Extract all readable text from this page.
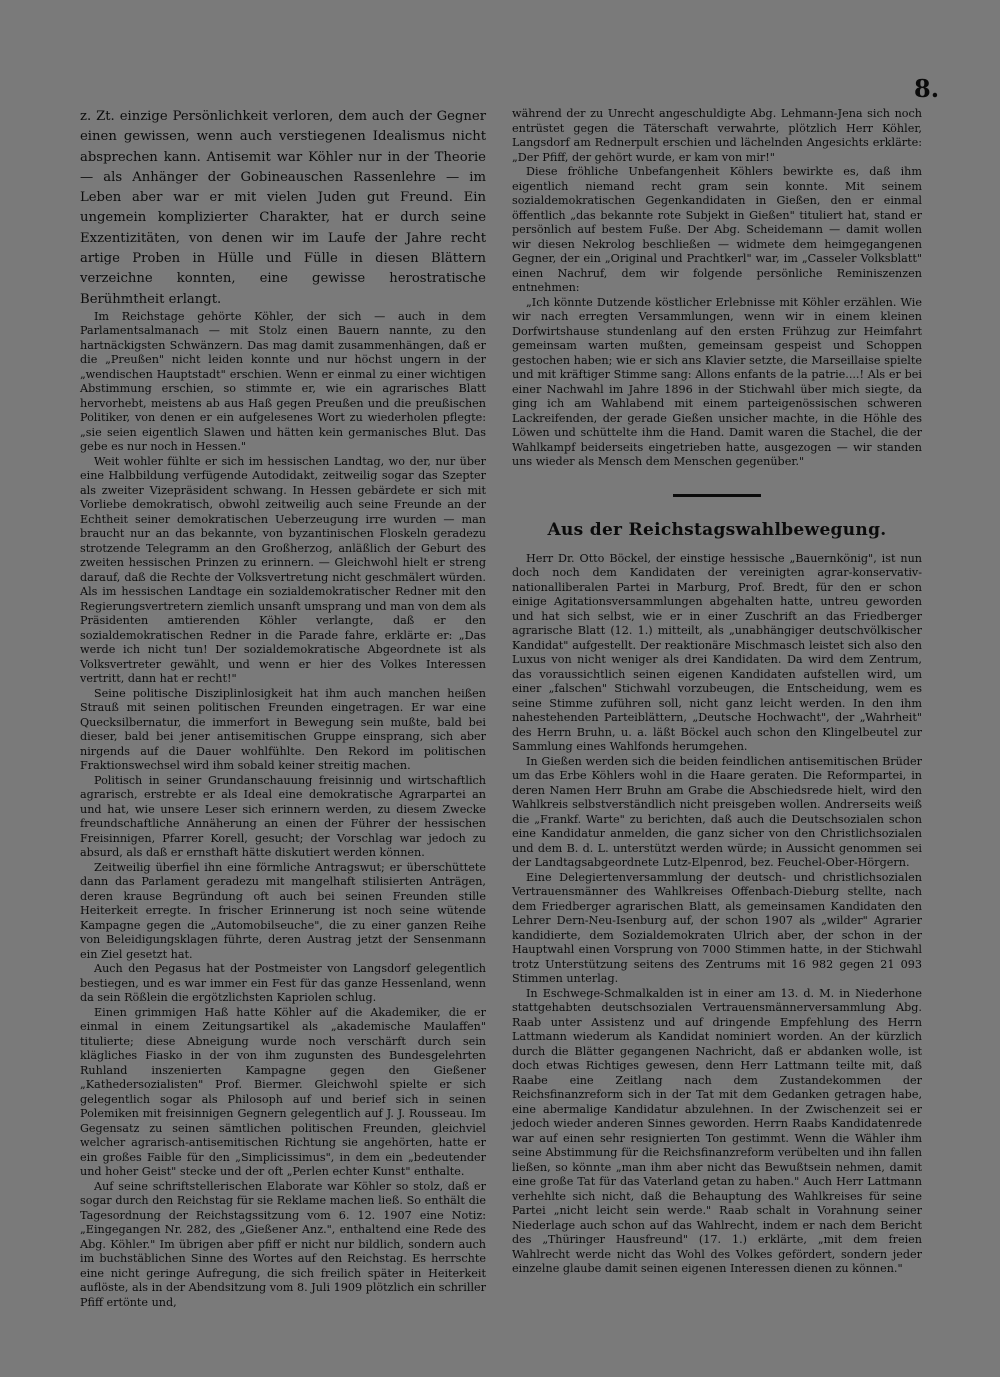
8.

z. Zt. einzige Persönlichkeit verloren, dem auch der Gegner einen gewissen, wenn auch verstiegenen Idealismus nicht absprechen kann. Antisemit war Köhler nur in der Theorie — als Anhänger der Gobineauschen Rassenlehre — im Leben aber war er mit vielen Juden gut Freund. Ein ungemein komplizierter Charakter, hat er durch seine Exzentizitäten, von denen wir im Laufe der Jahre recht artige Proben in Hülle und Fülle in diesen Blättern verzeichne konnten, eine gewisse herostratische Berühmtheit erlangt.

Im Reichstage gehörte Köhler, der sich — auch in dem Parlamentsalmanach — mit Stolz einen Bauern nannte, zu den hartnäckigsten Schwänzern. Das mag damit zusammenhängen, daß er die „Preußen" nicht leiden konnte und nur höchst ungern in der „wendischen Hauptstadt" erschien. Wenn er einmal zu einer wichtigen Abstimmung erschien, so stimmte er, wie ein agrarisches Blatt hervorhebt, meistens ab aus Haß gegen Preußen und die preußischen Politiker, von denen er ein aufgelesenes Wort zu wiederholen pflegte: „sie seien eigentlich Slawen und hätten kein germanisches Blut. Das gebe es nur noch in Hessen."

Weit wohler fühlte er sich im hessischen Landtag, wo der, nur über eine Halbbildung verfügende Autodidakt, zeitweilig sogar das Szepter als zweiter Vizepräsident schwang. In Hessen gebärdete er sich mit Vorliebe demokratisch, obwohl zeitweilig auch seine Freunde an der Echtheit seiner demokratischen Ueberzeugung irre wurden — man braucht nur an das bekannte, von byzantinischen Floskeln geradezu strotzende Telegramm an den Großherzog, anläßlich der Geburt des zweiten hessischen Prinzen zu erinnern. — Gleichwohl hielt er streng darauf, daß die Rechte der Volksvertretung nicht geschmälert würden. Als im hessischen Landtage ein sozialdemokratischer Redner mit den Regierungsvertretern ziemlich unsanft umsprang und man von dem als Präsidenten amtierenden Köhler verlangte, daß er den sozialdemokratischen Redner in die Parade fahre, erklärte er: „Das werde ich nicht tun! Der sozialdemokratische Abgeordnete ist als Volksvertreter gewählt, und wenn er hier des Volkes Interessen vertritt, dann hat er recht!"

Seine politische Disziplinlosigkeit hat ihm auch manchen heißen Strauß mit seinen politischen Freunden eingetragen. Er war eine Quecksilbernatur, die immerfort in Bewegung sein mußte, bald bei dieser, bald bei jener antisemitischen Gruppe einsprang, sich aber nirgends auf die Dauer wohlfühlte. Den Rekord im politischen Fraktionswechsel wird ihm sobald keiner streitig machen.

Politisch in seiner Grundanschauung freisinnig und wirtschaftlich agrarisch, erstrebte er als Ideal eine demokratische Agrarpartei an und hat, wie unsere Leser sich erinnern werden, zu diesem Zwecke freundschaftliche Annäherung an einen der Führer der hessischen Freisinnigen, Pfarrer Korell, gesucht; der Vorschlag war jedoch zu absurd, als daß er ernsthaft hätte diskutiert werden können.

Zeitweilig überfiel ihn eine förmliche Antragswut; er überschüttete dann das Parlament geradezu mit mangelhaft stilisierten Anträgen, deren krause Begründung oft auch bei seinen Freunden stille Heiterkeit erregte. In frischer Erinnerung ist noch seine wütende Kampagne gegen die „Automobilseuche", die zu einer ganzen Reihe von Beleidigungsklagen führte, deren Austrag jetzt der Sensenmann ein Ziel gesetzt hat.

Auch den Pegasus hat der Postmeister von Langsdorf gelegentlich bestiegen, und es war immer ein Fest für das ganze Hessenland, wenn da sein Rößlein die ergötzlichsten Kapriolen schlug.

Einen grimmigen Haß hatte Köhler auf die Akademiker, die er einmal in einem Zeitungsartikel als „akademische Maulaffen" titulierte; diese Abneigung wurde noch verschärft durch sein klägliches Fiasko in der von ihm zugunsten des Bundesgelehrten Ruhland inszenierten Kampagne gegen den Gießener „Kathedersozialisten" Prof. Biermer. Gleichwohl spielte er sich gelegentlich sogar als Philosoph auf und berief sich in seinen Polemiken mit freisinnigen Gegnern gelegentlich auf J. J. Rousseau. Im Gegensatz zu seinen sämtlichen politischen Freunden, gleichviel welcher agrarisch-antisemitischen Richtung sie angehörten, hatte er ein großes Faible für den „Simplicissimus", in dem ein „bedeutender und hoher Geist" stecke und der oft „Perlen echter Kunst" enthalte.

Auf seine schriftstellerischen Elaborate war Köhler so stolz, daß er sogar durch den Reichstag für sie Reklame machen ließ. So enthält die Tagesordnung der Reichstagssitzung vom 6. 12. 1907 eine Notiz: „Eingegangen Nr. 282, des „Gießener Anz.", enthaltend eine Rede des Abg. Köhler." Im übrigen aber pfiff er nicht nur bildlich, sondern auch im buchstäblichen Sinne des Wortes auf den Reichstag. Es herrschte eine nicht geringe Aufregung, die sich freilich später in Heiterkeit auflöste, als in der Abendsitzung vom 8. Juli 1909 plötzlich ein schriller Pfiff ertönte und,

während der zu Unrecht angeschuldigte Abg. Lehmann-Jena sich noch entrüstet gegen die Täterschaft verwahrte, plötzlich Herr Köhler, Langsdorf am Rednerpult erschien und lächelnden Angesichts erklärte: „Der Pfiff, der gehört wurde, er kam von mir!"

Diese fröhliche Unbefangenheit Köhlers bewirkte es, daß ihm eigentlich niemand recht gram sein konnte. Mit seinem sozialdemokratischen Gegenkandidaten in Gießen, den er einmal öffentlich „das bekannte rote Subjekt in Gießen" tituliert hat, stand er persönlich auf bestem Fuße. Der Abg. Scheidemann — damit wollen wir diesen Nekrolog beschließen — widmete dem heimgegangenen Gegner, der ein „Original und Prachtkerl" war, im „Casseler Volksblatt" einen Nachruf, dem wir folgende persönliche Reminiszenzen entnehmen:

„Ich könnte Dutzende köstlicher Erlebnisse mit Köhler erzählen. Wie wir nach erregten Versammlungen, wenn wir in einem kleinen Dorfwirtshause stundenlang auf den ersten Frühzug zur Heimfahrt gemeinsam warten mußten, gemeinsam gespeist und Schoppen gestochen haben; wie er sich ans Klavier setzte, die Marseillaise spielte und mit kräftiger Stimme sang: Allons enfants de la patrie....! Als er bei einer Nachwahl im Jahre 1896 in der Stichwahl über mich siegte, da ging ich am Wahlabend mit einem parteigenössischen schweren Lackreifenden, der gerade Gießen unsicher machte, in die Höhle des Löwen und schüttelte ihm die Hand. Damit waren die Stachel, die der Wahlkampf beiderseits eingetrieben hatte, ausgezogen — wir standen uns wieder als Mensch dem Menschen gegenüber."

Aus der Reichstagswahlbewegung.

Herr Dr. Otto Böckel, der einstige hessische „Bauernkönig", ist nun doch noch dem Kandidaten der vereinigten agrar-konservativ-nationalliberalen Partei in Marburg, Prof. Bredt, für den er schon einige Agitationsversammlungen abgehalten hatte, untreu geworden und hat sich selbst, wie er in einer Zuschrift an das Friedberger agrarische Blatt (12. 1.) mitteilt, als „unabhängiger deutschvölkischer Kandidat" aufgestellt. Der reaktionäre Mischmasch leistet sich also den Luxus von nicht weniger als drei Kandidaten. Da wird dem Zentrum, das voraussichtlich seinen eigenen Kandidaten aufstellen wird, um einer „falschen" Stichwahl vorzubeugen, die Entscheidung, wem es seine Stimme zuführen soll, nicht ganz leicht werden. In den ihm nahestehenden Parteiblättern, „Deutsche Hochwacht", der „Wahrheit" des Herrn Bruhn, u. a. läßt Böckel auch schon den Klingelbeutel zur Sammlung eines Wahlfonds herumgehen.

In Gießen werden sich die beiden feindlichen antisemitischen Brüder um das Erbe Köhlers wohl in die Haare geraten. Die Reformpartei, in deren Namen Herr Bruhn am Grabe die Abschiedsrede hielt, wird den Wahlkreis selbstverständlich nicht preisgeben wollen. Andrerseits weiß die „Frankf. Warte" zu berichten, daß auch die Deutschsozialen schon eine Kandidatur anmelden, die ganz sicher von den Christlichsozialen und dem B. d. L. unterstützt werden würde; in Aussicht genommen sei der Landtagsabgeordnete Lutz-Elpenrod, bez. Feuchel-Ober-Hörgern.

Eine Delegiertenversammlung der deutsch- und christlichsozialen Vertrauensmänner des Wahlkreises Offenbach-Dieburg stellte, nach dem Friedberger agrarischen Blatt, als gemeinsamen Kandidaten den Lehrer Dern-Neu-Isenburg auf, der schon 1907 als „wilder" Agrarier kandidierte, dem Sozialdemokraten Ulrich aber, der schon in der Hauptwahl einen Vorsprung von 7000 Stimmen hatte, in der Stichwahl trotz Unterstützung seitens des Zentrums mit 16 982 gegen 21 093 Stimmen unterlag.

In Eschwege-Schmalkalden ist in einer am 13. d. M. in Niederhone stattgehabten deutschsozialen Vertrauensmännerversammlung Abg. Raab unter Assistenz und auf dringende Empfehlung des Herrn Lattmann wiederum als Kandidat nominiert worden. An der kürzlich durch die Blätter gegangenen Nachricht, daß er abdanken wolle, ist doch etwas Richtiges gewesen, denn Herr Lattmann teilte mit, daß Raabe eine Zeitlang nach dem Zustandekommen der Reichsfinanzreform sich in der Tat mit dem Gedanken getragen habe, eine abermalige Kandidatur abzulehnen. In der Zwischenzeit sei er jedoch wieder anderen Sinnes geworden. Herrn Raabs Kandidatenrede war auf einen sehr resignierten Ton gestimmt. Wenn die Wähler ihm seine Abstimmung für die Reichsfinanzreform verübelten und ihn fallen ließen, so könnte „man ihm aber nicht das Bewußtsein nehmen, damit eine große Tat für das Vaterland getan zu haben." Auch Herr Lattmann verhehlte sich nicht, daß die Behauptung des Wahlkreises für seine Partei „nicht leicht sein werde." Raab schalt in Vorahnung seiner Niederlage auch schon auf das Wahlrecht, indem er nach dem Bericht des „Thüringer Hausfreund" (17. 1.) erklärte, „mit dem freien Wahlrecht werde nicht das Wohl des Volkes gefördert, sondern jeder einzelne glaube damit seinen eigenen Interessen dienen zu können."
